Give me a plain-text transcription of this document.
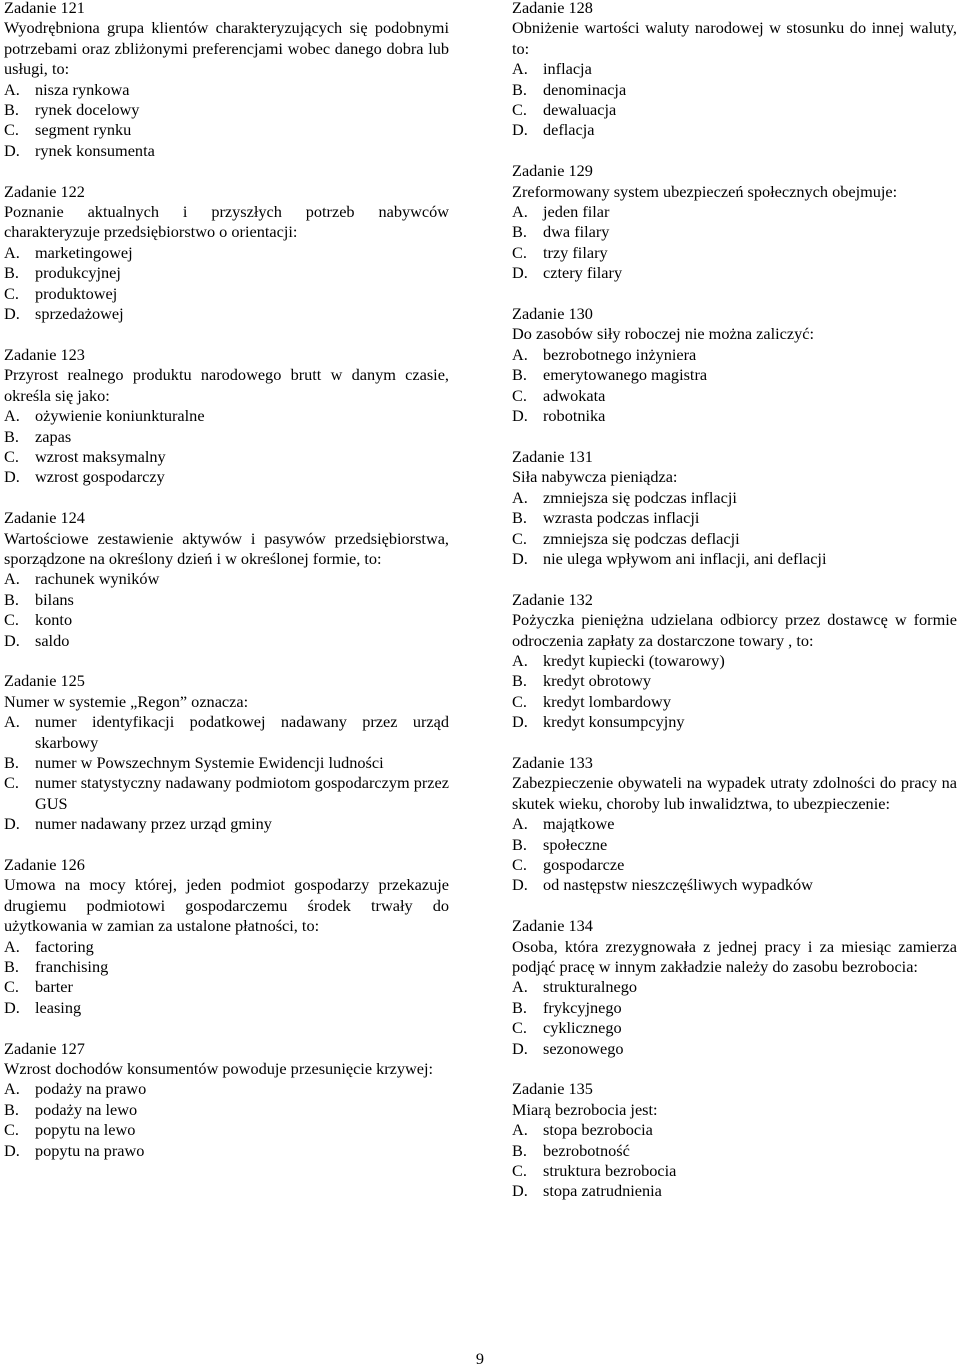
Zadanie 121
Wyodrębniona grupa klientów charakteryzujących się podobnymi potrzebami oraz zbliżonymi preferencjami wobec danego dobra lub usługi, to:
A. nisza rynkowa
B. rynek docelowy
C. segment rynku
D. rynek konsumenta
Zadanie 122
Poznanie aktualnych i przyszłych potrzeb nabywców charakteryzuje przedsiębiorstwo o orientacji:
A. marketingowej
B. produkcyjnej
C. produktowej
D. sprzedażowej
Zadanie 123
Przyrost realnego produktu narodowego brutt w danym czasie, określa się jako:
A. ożywienie koniunkturalne
B. zapas
C. wzrost maksymalny
D. wzrost gospodarczy
Zadanie 124
Wartościowe zestawienie aktywów i pasywów przedsiębiorstwa, sporządzone na określony dzień i w określonej formie, to:
A. rachunek wyników
B. bilans
C. konto
D. saldo
Zadanie 125
Numer w systemie „Regon” oznacza:
A. numer identyfikacji podatkowej nadawany przez urząd skarbowy
B. numer w Powszechnym Systemie Ewidencji ludności
C. numer statystyczny nadawany podmiotom gospodarczym przez GUS
D. numer nadawany przez urząd gminy
Zadanie 126
Umowa na mocy której, jeden podmiot gospodarzy przekazuje drugiemu podmiotowi gospodarczemu środek trwały do użytkowania w zamian za ustalone płatności, to:
A. factoring
B. franchising
C. barter
D. leasing
Zadanie 127
Wzrost dochodów konsumentów powoduje przesunięcie krzywej:
A. podaży na prawo
B. podaży na lewo
C. popytu na lewo
D. popytu na prawo
Zadanie 128
Obniżenie wartości waluty narodowej w stosunku do innej waluty, to:
A. inflacja
B. denominacja
C. dewaluacja
D. deflacja
Zadanie 129
Zreformowany system ubezpieczeń społecznych obejmuje:
A. jeden filar
B. dwa filary
C. trzy filary
D. cztery filary
Zadanie 130
Do zasobów siły roboczej nie można zaliczyć:
A. bezrobotnego inżyniera
B. emerytowanego magistra
C. adwokata
D. robotnika
Zadanie 131
Siła nabywcza pieniądza:
A. zmniejsza się podczas inflacji
B. wzrasta podczas inflacji
C. zmniejsza się podczas deflacji
D. nie ulega wpływom ani inflacji, ani deflacji
Zadanie 132
Pożyczka pieniężna udzielana odbiorcy przez dostawcę w formie odroczenia zapłaty za dostarczone towary , to:
A. kredyt kupiecki (towarowy)
B. kredyt obrotowy
C. kredyt lombardowy
D. kredyt konsumpcyjny
Zadanie 133
Zabezpieczenie obywateli na wypadek utraty zdolności do pracy na skutek wieku, choroby lub inwalidztwa, to ubezpieczenie:
A. majątkowe
B. społeczne
C. gospodarcze
D. od następstw nieszczęśliwych wypadków
Zadanie 134
Osoba, która zrezygnowała z jednej pracy i za miesiąc zamierza podjąć pracę w innym zakładzie należy do zasobu bezrobocia:
A. strukturalnego
B. frykcyjnego
C. cyklicznego
D. sezonowego
Zadanie 135
Miarą bezrobocia jest:
A. stopa bezrobocia
B. bezrobotność
C. struktura bezrobocia
D. stopa zatrudnienia
9
